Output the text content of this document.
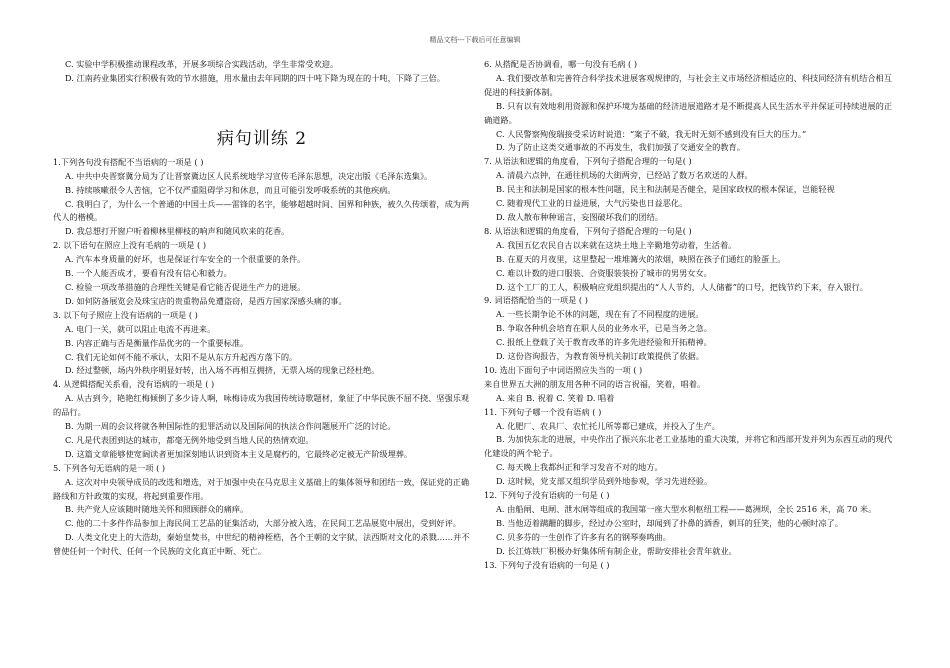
精品文档---下载后可任意编辑
C. 实验中学积极推动课程改革，开展多项综合实践活动，学生非常受欢迎。
D. 江南药业集团实行积极有效的节水措施，用水量由去年同期的四十吨下降为现在的十吨，下降了三倍。
病句训练 2
1.下列各句没有搭配不当语病的一项是 ( )
A. 中共中央晋察冀分局为了让晋察冀边区人民系统地学习宣传毛泽东思想，决定出版《毛泽东选集》。
B. 持续咳嗽很令人苦恼，它不仅严重阻碍学习和休息，而且可能引发呼吸系统的其他疾病。
C. 我明白了，为什么一个普通的中国士兵——雷锋的名字，能够超越时间、国界和种族，被久久传颂着，成为两代人的楷模。
D. 我总想打开窗户听着柳林里柳枝的响声和随风吹来的花香。
2. 以下语句在照应上没有毛病的一项是 ( )
A. 汽车本身质量的好坏，也是保证行车安全的一个很重要的条件。
B. 一个人能否成才，要看有没有信心和毅力。
C. 检验一项改革措施的合理性关键是看它能否促进生产力的进展。
D. 如何防备展览会及珠宝店的贵重物品免遭盗窃，是西方国家深感头痛的事。
3. 以下句子照应上没有语病的一项是 ( )
A. 电门一关，就可以阻止电流不再进来。
B. 内容正确与否是衡量作品优劣的一个重要标准。
C. 我们无论如何不能不承认，太阳不是从东方升起西方落下的。
D. 经过整顿，场内外秩序明显好转，出入场不再相互拥挤，无票入场的现象已经杜绝。
4. 从逻辑搭配关系看，没有语病的一项是 ( )
A. 从古到今，艳艳红梅倾倒了多少诗人啊，咏梅诗成为我国传统诗歌题材，象征了中华民族不屈不挠、坚强乐观的品行。
B. 为期一周的会议将就各种国际性的犯罪活动以及国际间的执法合作问题展开广泛的讨论。
C. 凡是代表团到达的城市，都毫无例外地受到当地人民的热情欢迎。
D. 这篇文章能够使宽阔读者更加深刻地认识到资本主义是腐朽的，它最终必定被无产阶级埋葬。
5. 下列各句无语病的是一项 ( )
A. 这次对中央领导成员的改选和增选，对于加强中央在马克思主义基础上的集体领导和团结一致，保证党的正确路线和方针政策的实现，将起到重要作用。
B. 共产党人应该随时随地关怀和照顾群众的痛痒。
C. 他的二十多件作品参加上海民间工艺品的征集活动，大部分被入选，在民间工艺品展览中展出，受到好评。
D. 人类文化史上的大浩劫，秦始皇焚书，中世纪的精神桎梏，各个王朝的文字狱，法西斯对文化的杀戮……并不曾使任何一个时代、任何一个民族的文化真正中断、死亡。
6. 从搭配是否协调看，哪一句没有毛病 ( )
A. 我们要改革和完善符合科学技术进展客观规律的，与社会主义市场经济相适应的、科技同经济有机结合相互促进的科技新体制。
B. 只有以有效地利用资源和保护环境为基础的经济进展道路才是不断提高人民生活水平并保证可持续进展的正确道路。
C. 人民警察殉俊瑞接受采访时说道：“案子不破，我无时无刻不感到没有巨大的压力。”
D. 为了防止这类交通事故的不再发生，我们加强了交通安全的教育。
7. 从语法和逻辑的角度看，下列句子搭配合理的一句是( )
A. 清晨六点钟，在通往机场的大街两旁，已经站了数万名欢送的人群。
B. 民主和法制是国家的根本性问题，民主和法制是否健全，是国家政权的根本保证，岂能轻视
C. 随着现代工业的日益进展，大气污染也日益恶化。
D. 敌人散布种种谣言，妄图破坏我们的团结。
8. 从语法和逻辑的角度看，下列句子搭配合理的一句是( )
A. 我国五亿农民自古以来就在这块土地上辛勤地劳动着，生活着。
B. 在夏天的月夜里，这里整起一堆堆篝火的浓烟，映照在孩子们通红的脸蛋上。
C. 难以计数的进口服装、合资服装装扮了城市的男男女女。
D. 这个工厂的工人，积极响应党组织提出的“人人节约，人人储蓄”的口号，把钱节约下来，存入银行。
9. 词语搭配恰当的一项是 ( )
A. 一些长期争论不休的问题，现在有了不同程度的进展。
B. 争取各种机会培育在职人员的业务水平，已是当务之急。
C. 报纸上登载了关于教育改革的许多先进经验和开拓精神。
D. 这份咨询报告，为教育领导机关制订政策提供了依据。
10. 选出下面句子中词语照应失当的一项 ( )
来自世界五大洲的朋友用各种不同的语言祝福，笑着，唱着。
A. 来自 B. 祝着 C. 笑着 D. 唱着
11. 下列句子哪一个没有语病 ( )
A. 化肥厂、农具厂、农忙托儿所等都已建成，并投入了生产。
B. 为加快东北的进展，中央作出了振兴东北老工业基地的重大决策，并将它和西部开发并列为东西互动的现代化建设的两个轮子。
C. 每天晚上我都纠正和学习发音不对的地方。
D. 这时候，党支部又组织学员到外地参观，学习先进经验。
12. 下列句子没有语病的一句是 ( )
A. 由船闸、电闸、泄水闸等组成的我国第一座大型水利枢纽工程——葛洲坝，全长 2516 米，高 70 米。
B. 当他迈着蹒跚的脚步，经过办公室时，却闻到了扑鼻的酒香，刺耳的狂笑，他的心顿时凉了。
C. 贝多芬的一生创作了许多有名的钢琴奏鸣曲。
D. 长江炼铁厂积极办好集体所有制企业，帮助安排社会青年就业。
13. 下列句子没有语病的一句是 ( )
